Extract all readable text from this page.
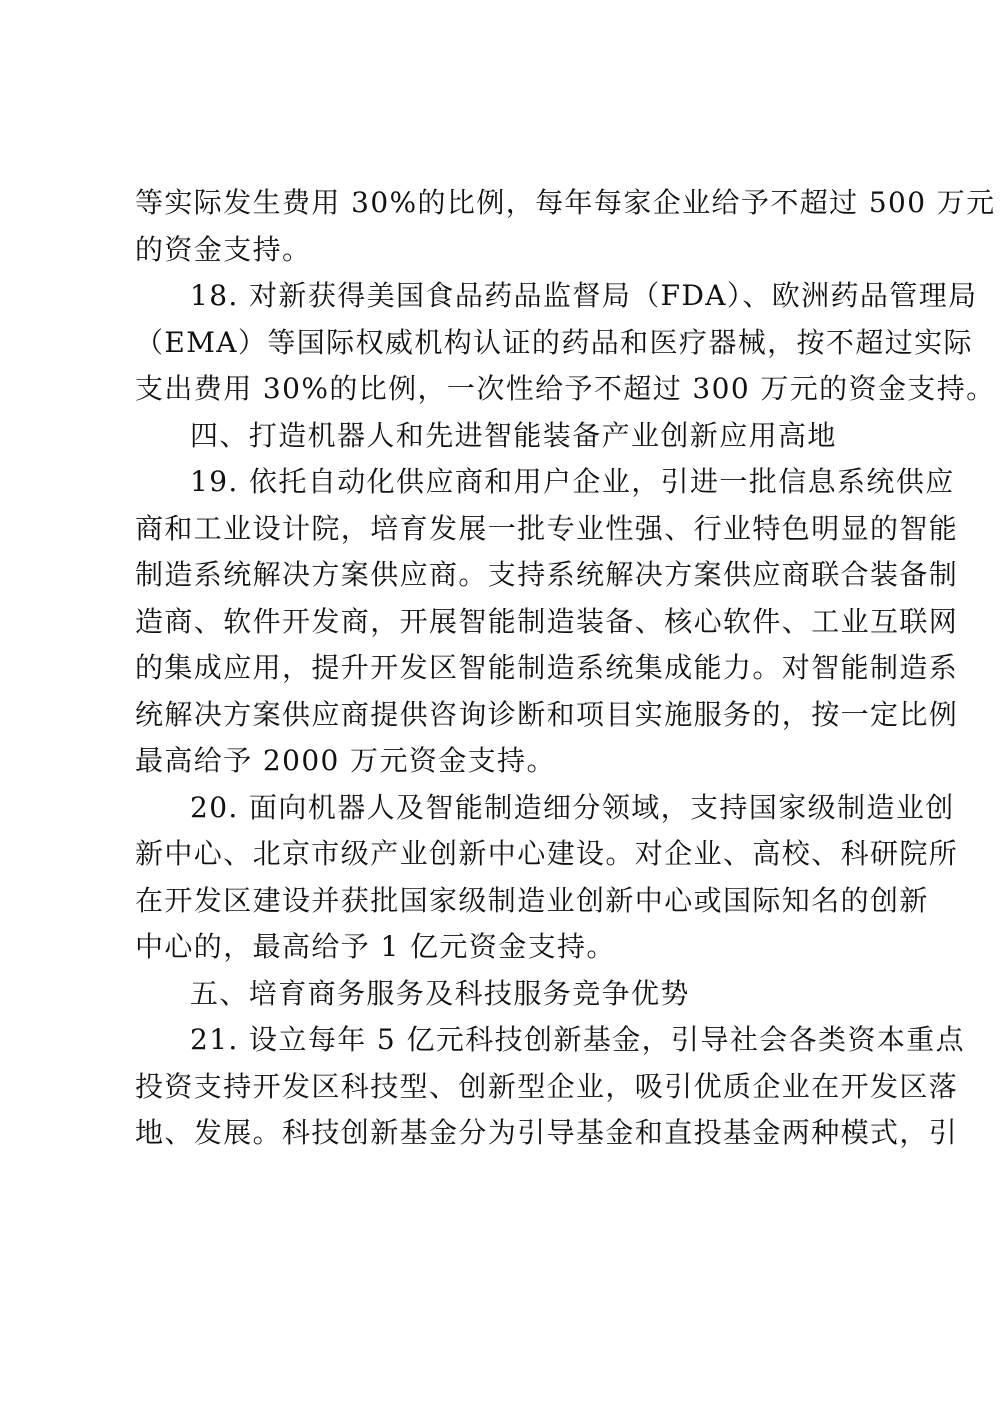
等实际发生费用 30%的比例，每年每家企业给予不超过 500 万元
的资金支持。
18. 对新获得美国食品药品监督局（FDA）、欧洲药品管理局
（EMA）等国际权威机构认证的药品和医疗器械，按不超过实际
支出费用 30%的比例，一次性给予不超过 300 万元的资金支持。
四、打造机器人和先进智能装备产业创新应用高地
19. 依托自动化供应商和用户企业，引进一批信息系统供应
商和工业设计院，培育发展一批专业性强、行业特色明显的智能
制造系统解决方案供应商。支持系统解决方案供应商联合装备制
造商、软件开发商，开展智能制造装备、核心软件、工业互联网
的集成应用，提升开发区智能制造系统集成能力。对智能制造系
统解决方案供应商提供咨询诊断和项目实施服务的，按一定比例
最高给予 2000 万元资金支持。
20. 面向机器人及智能制造细分领域，支持国家级制造业创
新中心、北京市级产业创新中心建设。对企业、高校、科研院所
在开发区建设并获批国家级制造业创新中心或国际知名的创新
中心的，最高给予 1 亿元资金支持。
五、培育商务服务及科技服务竞争优势
21. 设立每年 5 亿元科技创新基金，引导社会各类资本重点
投资支持开发区科技型、创新型企业，吸引优质企业在开发区落
地、发展。科技创新基金分为引导基金和直投基金两种模式，引
